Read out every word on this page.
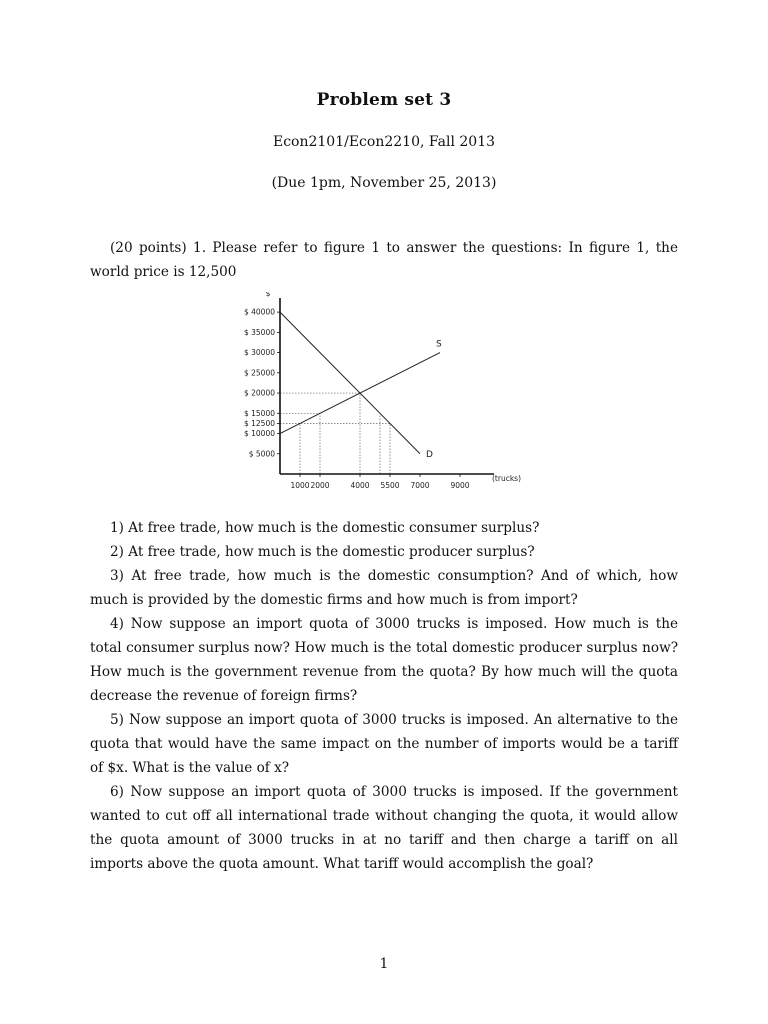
Problem set 3
Econ2101/Econ2210, Fall 2013
(Due 1pm, November 25, 2013)

(20 points) 1. Please refer to figure 1 to answer the questions: In figure 1, the world price is 12,500

$ 40000
$ 35000
$ 30000
$ 25000
$ 20000
$ 15000
$ 12500
$ 10000
$ 5000
1000 2000	4000 5500 7000	9000
$
(trucks)
D
S

1) At free trade, how much is the domestic consumer surplus?

2) At free trade, how much is the domestic producer surplus?

3) At free trade, how much is the domestic consumption? And of which, how much is provided by the domestic firms and how much is from import?

4) Now suppose an import quota of 3000 trucks is imposed. How much is the total consumer surplus now? How much is the total domestic producer surplus now? How much is the government revenue from the quota? By how much will the quota decrease the revenue of foreign firms?

5) Now suppose an import quota of 3000 trucks is imposed. An alternative to the quota that would have the same impact on the number of imports would be a tariff of $x. What is the value of x?

6) Now suppose an import quota of 3000 trucks is imposed. If the government wanted to cut off all international trade without changing the quota, it would allow the quota amount of 3000 trucks in at no tariff and then charge a tariff on all imports above the quota amount. What tariff would accomplish the goal?

1
